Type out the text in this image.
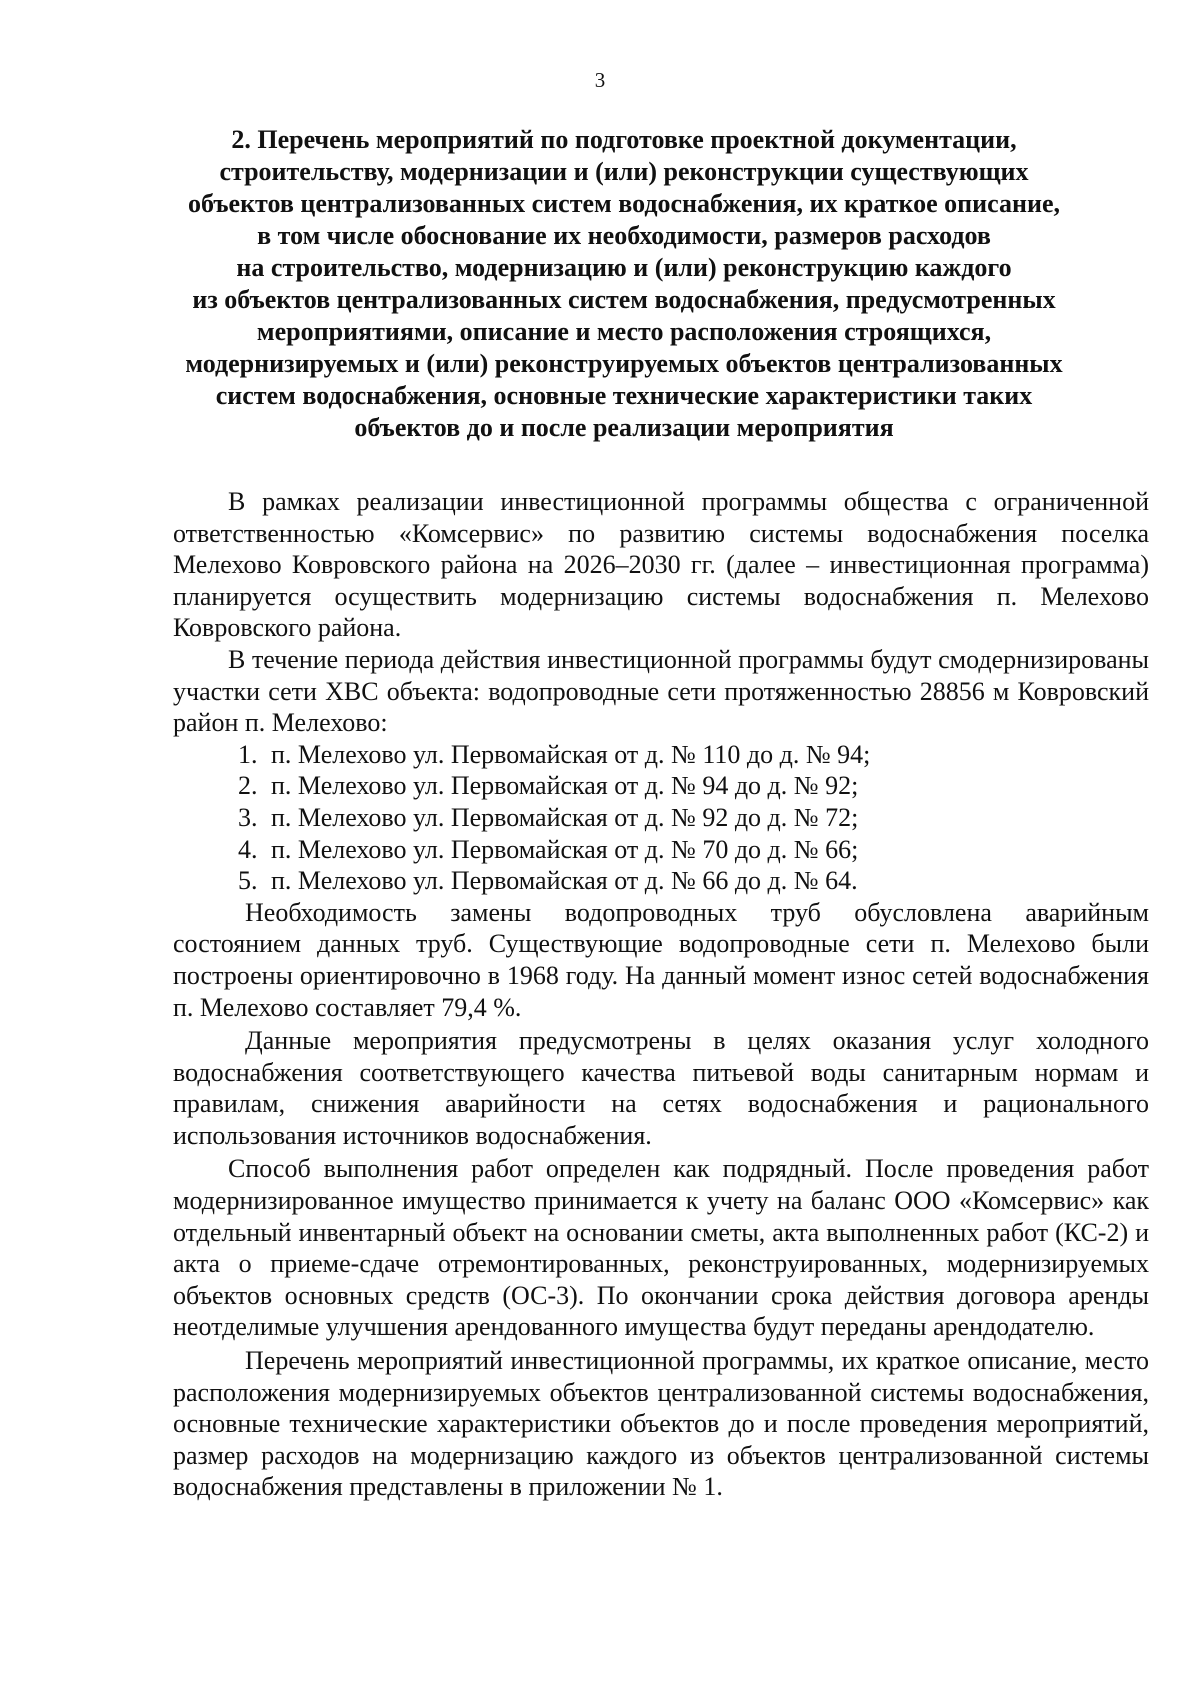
3
2. Перечень мероприятий по подготовке проектной документации,
строительству, модернизации и (или) реконструкции существующих
объектов централизованных систем водоснабжения, их краткое описание,
в том числе обоснование их необходимости, размеров расходов
на строительство, модернизацию и (или) реконструкцию каждого
из объектов централизованных систем водоснабжения, предусмотренных
мероприятиями, описание и место расположения строящихся,
модернизируемых и (или) реконструируемых объектов централизованных
систем водоснабжения, основные технические характеристики таких
объектов до и после реализации мероприятия

В рамках реализации инвестиционной программы общества с ограниченной ответственностью «Комсервис» по развитию системы водоснабжения поселка Мелехово Ковровского района на 2026–2030 гг. (далее – инвестиционная программа) планируется осуществить модернизацию системы водоснабжения п. Мелехово Ковровского района.

В течение периода действия инвестиционной программы будут смодернизированы участки сети ХВС объекта: водопроводные сети протяженностью 28856 м Ковровский район п. Мелехово:

1. п. Мелехово ул. Первомайская от д. № 110 до д. № 94;
2. п. Мелехово ул. Первомайская от д. № 94 до д. № 92;
3. п. Мелехово ул. Первомайская от д. № 92 до д. № 72;
4. п. Мелехово ул. Первомайская от д. № 70 до д. № 66;
5. п. Мелехово ул. Первомайская от д. № 66 до д. № 64.

Необходимость замены водопроводных труб обусловлена аварийным состоянием данных труб. Существующие водопроводные сети п. Мелехово были построены ориентировочно в 1968 году. На данный момент износ сетей водоснабжения п. Мелехово составляет 79,4 %.

Данные мероприятия предусмотрены в целях оказания услуг холодного водоснабжения соответствующего качества питьевой воды санитарным нормам и правилам, снижения аварийности на сетях водоснабжения и рационального использования источников водоснабжения.

Способ выполнения работ определен как подрядный. После проведения работ модернизированное имущество принимается к учету на баланс ООО «Комсервис» как отдельный инвентарный объект на основании сметы, акта выполненных работ (КС-2) и акта о приеме-сдаче отремонтированных, реконструированных, модернизируемых объектов основных средств (ОС-3). По окончании срока действия договора аренды неотделимые улучшения арендованного имущества будут переданы арендодателю.

Перечень мероприятий инвестиционной программы, их краткое описание, место расположения модернизируемых объектов централизованной системы водоснабжения, основные технические характеристики объектов до и после проведения мероприятий, размер расходов на модернизацию каждого из объектов централизованной системы водоснабжения представлены в приложении № 1.
